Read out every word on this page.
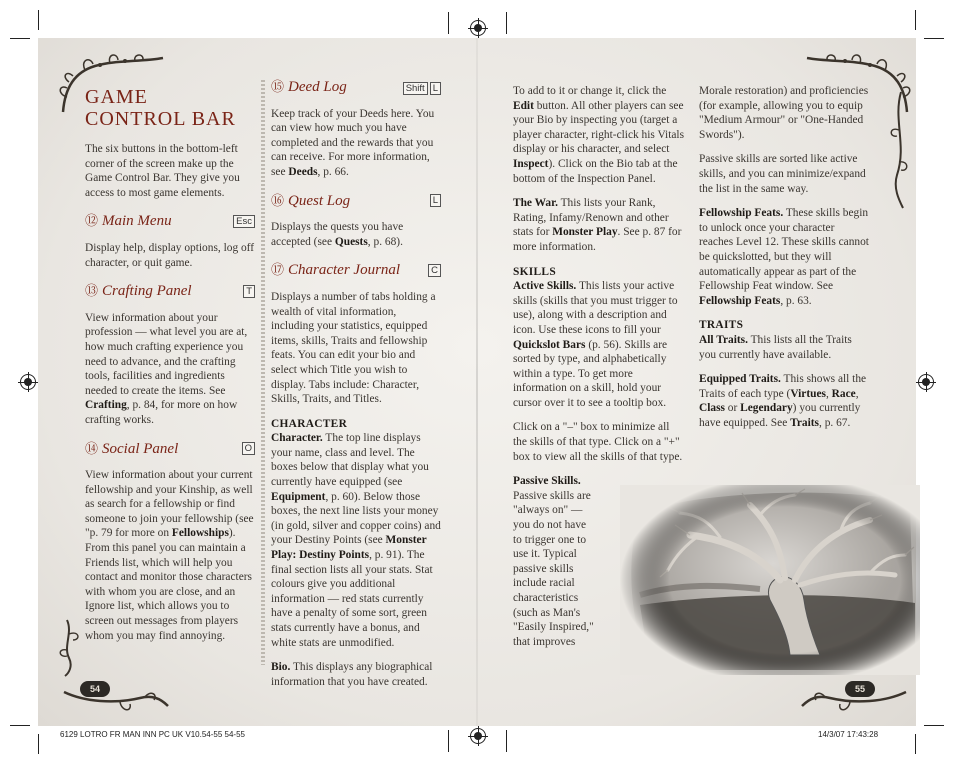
GAME
CONTROL BAR

The six buttons in the bottom-left corner of the screen make up the Game Control Bar. They give you access to most game elements.

⑫ Main Menu	Esc

Display help, display options, log off character, or quit game.

⑬ Crafting Panel	T

View information about your profession — what level you are at, how much crafting experience you need to advance, and the crafting tools, facilities and ingredients needed to create the items. See Crafting, p. 84, for more on how crafting works.

⑭ Social Panel	O

View information about your current fellowship and your Kinship, as well as search for a fellowship or find someone to join your fellowship (see "p. 79 for more on Fellowships). From this panel you can maintain a Friends list, which will help you contact and monitor those characters with whom you are close, and an Ignore list, which allows you to screen out messages from players whom you may find annoying.

⑮ Deed Log	Shift L

Keep track of your Deeds here. You can view how much you have completed and the rewards that you can receive. For more information, see Deeds, p. 66.

⑯ Quest Log	L

Displays the quests you have accepted (see Quests, p. 68).

⑰ Character Journal	C

Displays a number of tabs holding a wealth of vital information, including your statistics, equipped items, skills, Traits and fellowship feats. You can edit your bio and select which Title you wish to display. Tabs include: Character, Skills, Traits, and Titles.

CHARACTER
Character. The top line displays your name, class and level. The boxes below that display what you currently have equipped (see Equipment, p. 60). Below those boxes, the next line lists your money (in gold, silver and copper coins) and your Destiny Points (see Monster Play: Destiny Points, p. 91). The final section lists all your stats. Stat colours give you additional information — red stats currently have a penalty of some sort, green stats currently have a bonus, and white stats are unmodified.

Bio. This displays any biographical information that you have created.

To add to it or change it, click the Edit button. All other players can see your Bio by inspecting you (target a player character, right-click his Vitals display or his character, and select Inspect). Click on the Bio tab at the bottom of the Inspection Panel.

The War. This lists your Rank, Rating, Infamy/Renown and other stats for Monster Play. See p. 87 for more information.

SKILLS
Active Skills. This lists your active skills (skills that you must trigger to use), along with a description and icon. Use these icons to fill your Quickslot Bars (p. 56). Skills are sorted by type, and alphabetically within a type. To get more information on a skill, hold your cursor over it to see a tooltip box.

Click on a "–" box to minimize all the skills of that type. Click on a "+" box to view all the skills of that type.

Passive Skills.
Passive skills are "always on" — you do not have to trigger one to use it. Typical passive skills include racial characteristics (such as Man's "Easily Inspired," that improves

Morale restoration) and proficiencies (for example, allowing you to equip "Medium Armour" or "One-Handed Swords").

Passive skills are sorted like active skills, and you can minimize/expand the list in the same way.

Fellowship Feats. These skills begin to unlock once your character reaches Level 12. These skills cannot be quickslotted, but they will automatically appear as part of the Fellowship Feat window. See Fellowship Feats, p. 63.

TRAITS
All Traits. This lists all the Traits you currently have available.

Equipped Traits. This shows all the Traits of each type (Virtues, Race, Class or Legendary) you currently have equipped. See Traits, p. 67.

54	55
6129 LOTRO FR MAN INN PC UK V10.54-55 54-55	14/3/07 17:43:28
